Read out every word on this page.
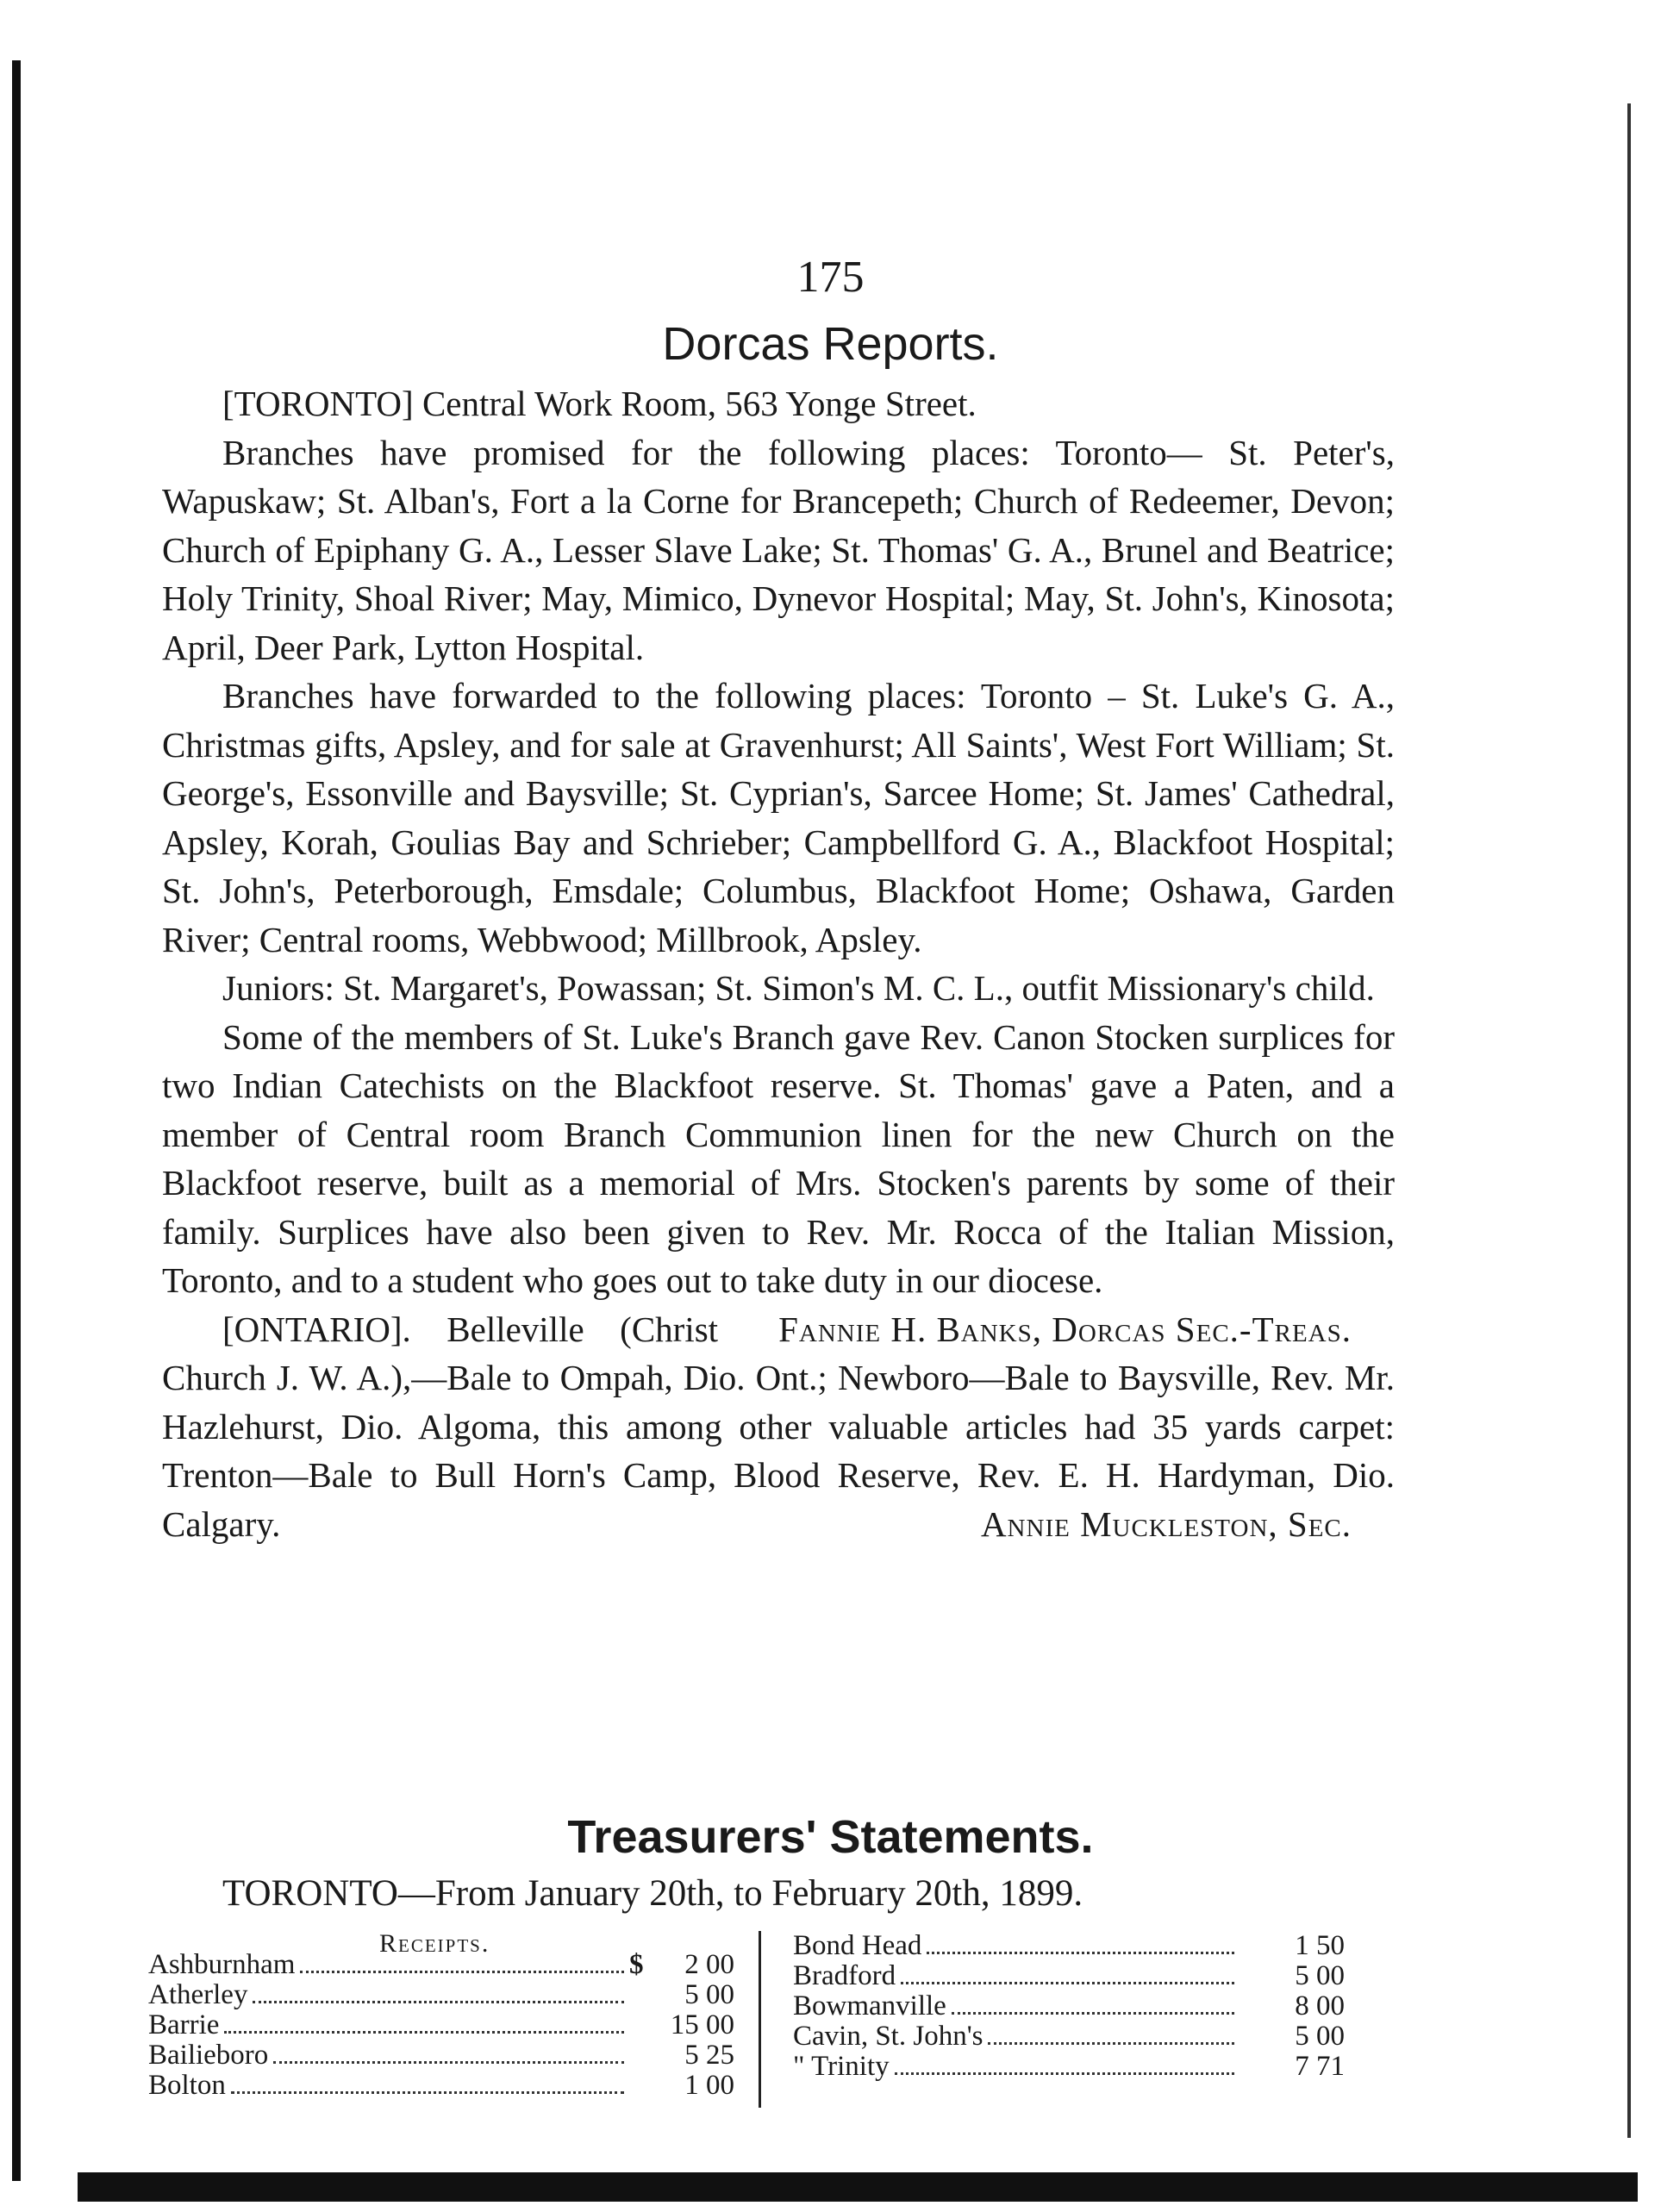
175
Dorcas Reports.

[TORONTO] Central Work Room, 563 Yonge Street.

Branches have promised for the following places: Toronto— St. Peter's, Wapuskaw; St. Alban's, Fort a la Corne for Brancepeth; Church of Redeemer, Devon; Church of Epiphany G. A., Lesser Slave Lake; St. Thomas' G. A., Brunel and Beatrice; Holy Trinity, Shoal River; May, Mimico, Dynevor Hospital; May, St. John's, Kinosota; April, Deer Park, Lytton Hospital.

Branches have forwarded to the following places: Toronto – St. Luke's G. A., Christmas gifts, Apsley, and for sale at Gravenhurst; All Saints', West Fort William; St. George's, Essonville and Baysville; St. Cyprian's, Sarcee Home; St. James' Cathedral, Apsley, Korah, Goulias Bay and Schrieber; Campbellford G. A., Blackfoot Hospital; St. John's, Peterborough, Emsdale; Columbus, Blackfoot Home; Oshawa, Garden River; Central rooms, Webbwood; Millbrook, Apsley.

Juniors: St. Margaret's, Powassan; St. Simon's M. C. L., outfit Missionary's child.

Some of the members of St. Luke's Branch gave Rev. Canon Stocken surplices for two Indian Catechists on the Blackfoot reserve. St. Thomas' gave a Paten, and a member of Central room Branch Communion linen for the new Church on the Blackfoot reserve, built as a memorial of Mrs. Stocken's parents by some of their family. Surplices have also been given to Rev. Mr. Rocca of the Italian Mission, Toronto, and to a student who goes out to take duty in our diocese.
Fannie H. Banks, Dorcas Sec.-Treas.

[ONTARIO]. Belleville (Christ Church J. W. A.),—Bale to Ompah, Dio. Ont.; Newboro—Bale to Baysville, Rev. Mr. Hazlehurst, Dio. Algoma, this among other valuable articles had 35 yards carpet: Trenton—Bale to Bull Horn's Camp, Blood Reserve, Rev. E. H. Hardyman, Dio. Calgary.	Annie Muckleston, Sec.

Treasurers' Statements.
TORONTO—From January 20th, to February 20th, 1899.
Receipts.
Ashburnham	$	2 00
Atherley	5 00
Barrie	15 00
Bailieboro	5 25
Bolton	1 00
Bond Head	1 50
Bradford	5 00
Bowmanville	8 00
Cavin, St. John's	5 00
" Trinity	7 71
